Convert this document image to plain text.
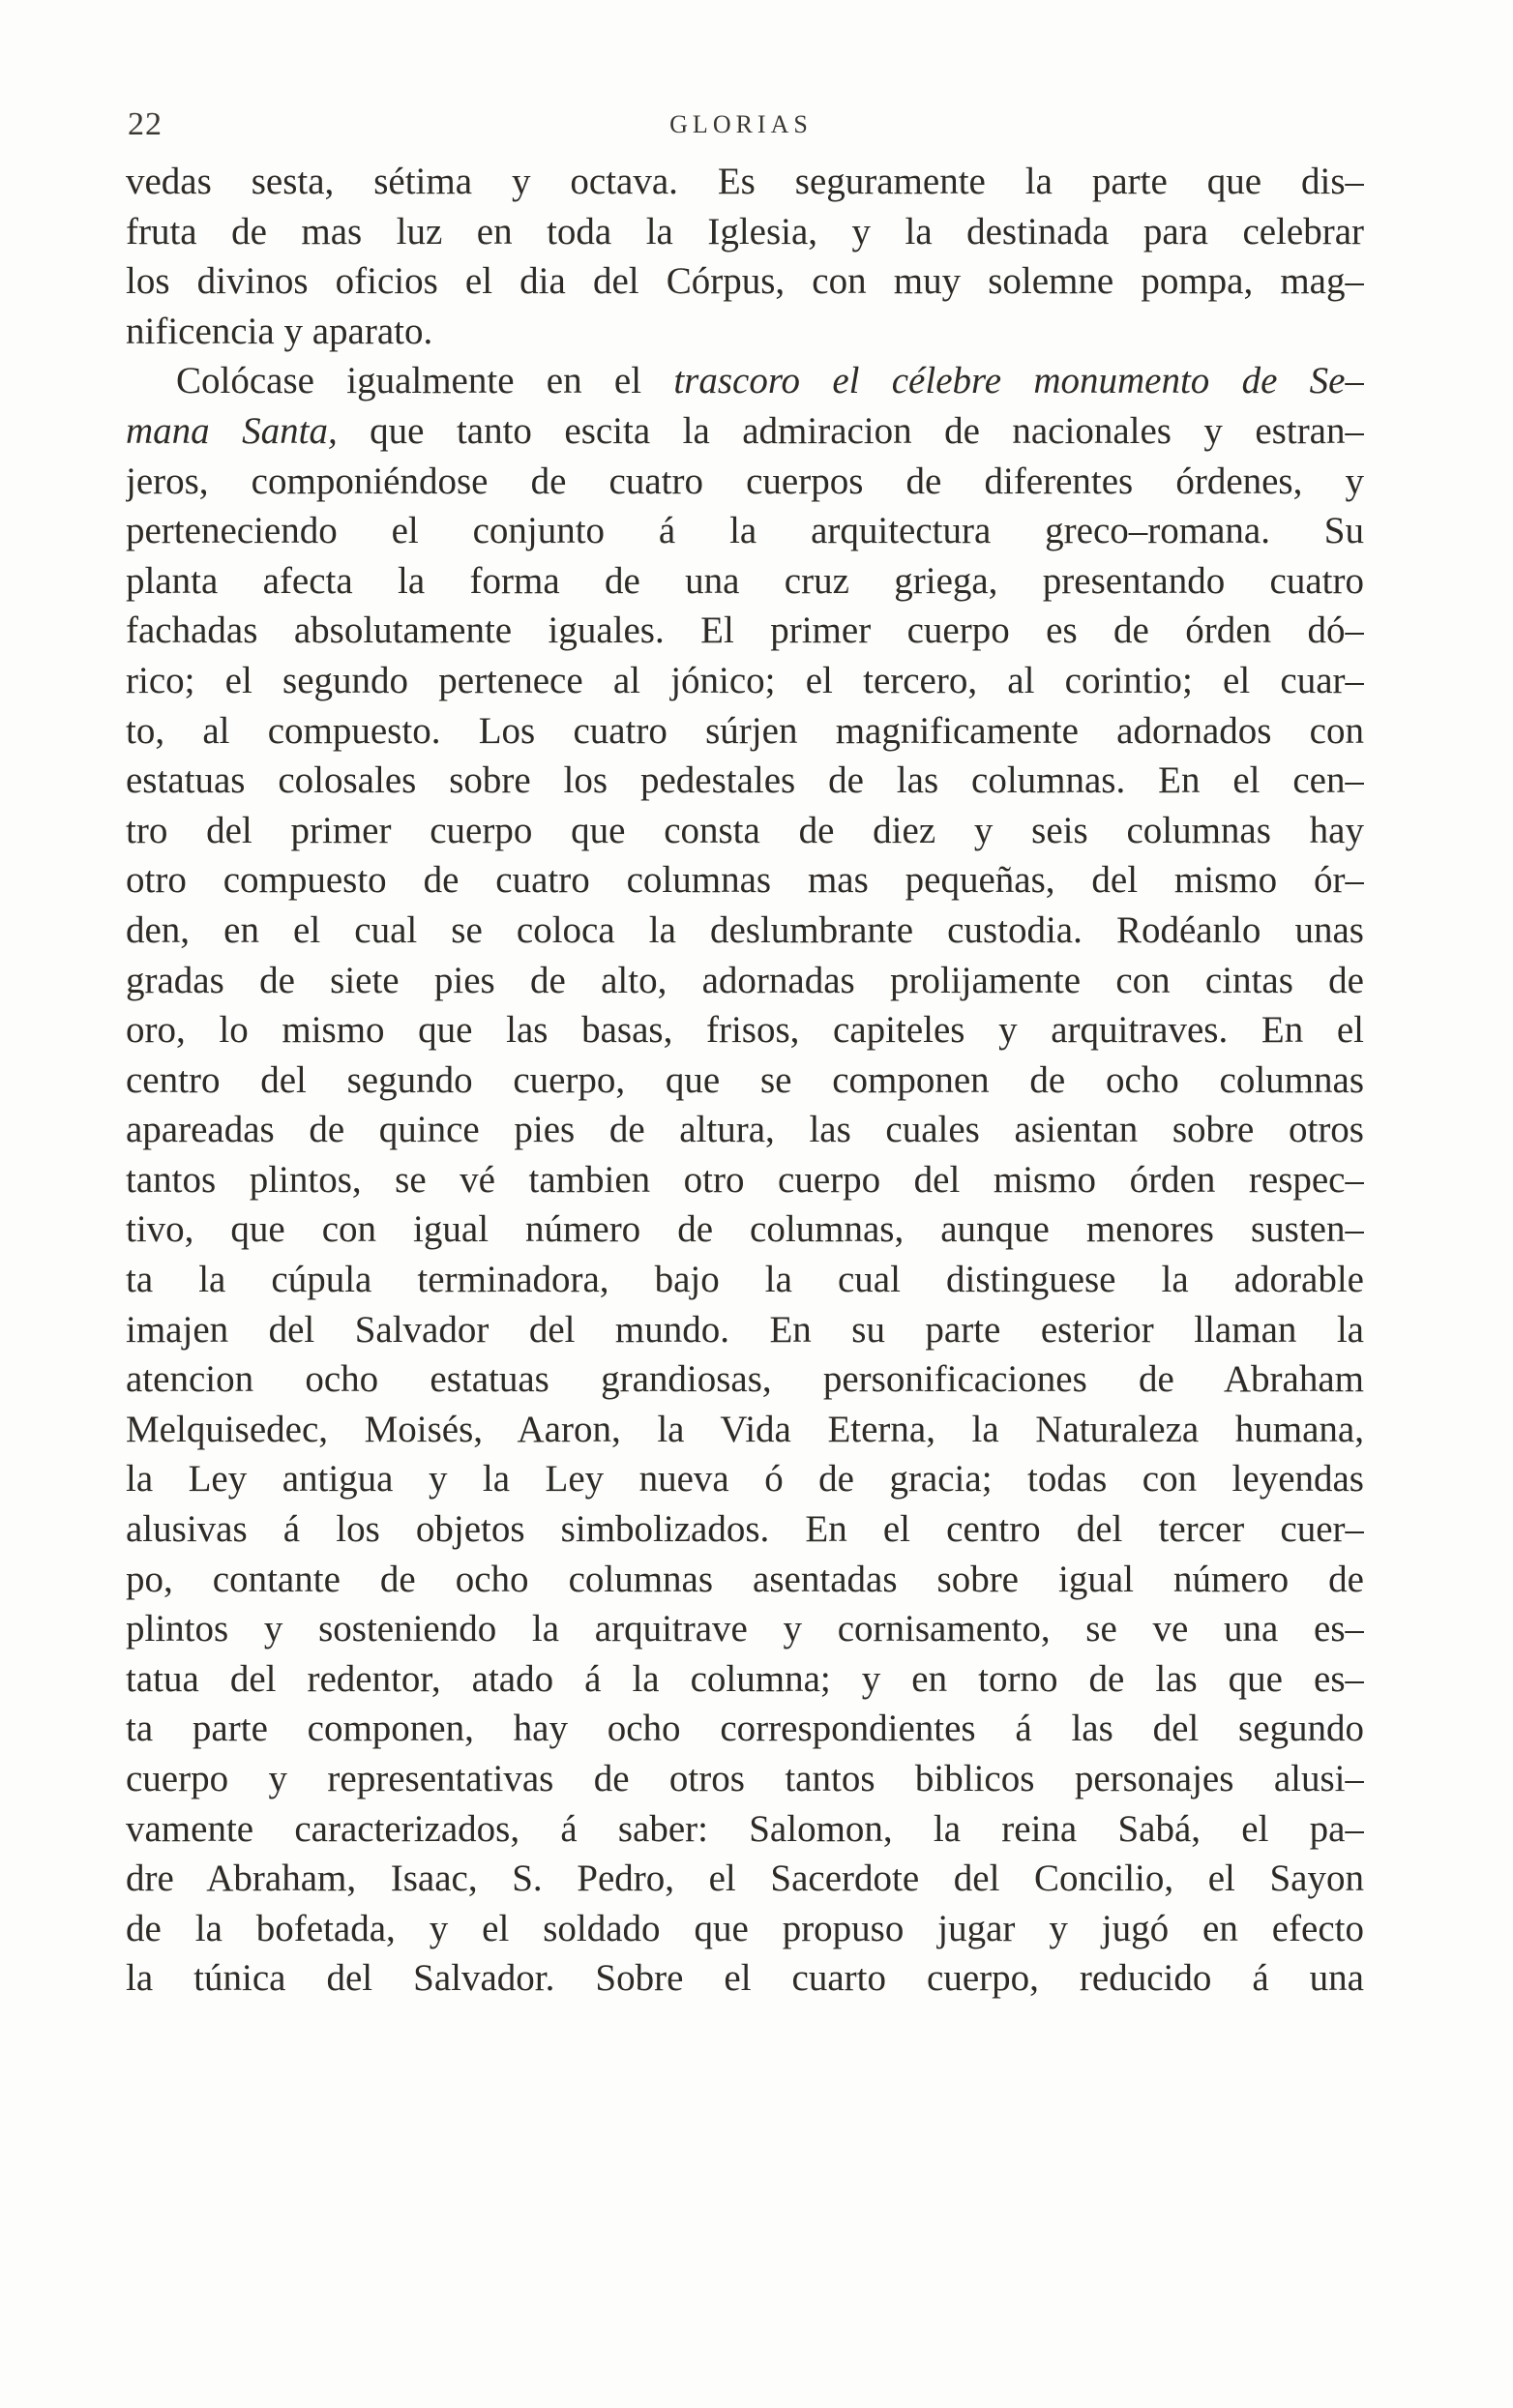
22	GLORIAS
vedas sesta, sétima y octava. Es seguramente la parte que dis–
fruta de mas luz en toda la Iglesia, y la destinada para celebrar
los divinos oficios el dia del Córpus, con muy solemne pompa, mag–
nificencia y aparato.
Colócase igualmente en el trascoro el célebre monumento de Se–
mana Santa, que tanto escita la admiracion de nacionales y estran–
jeros, componiéndose de cuatro cuerpos de diferentes órdenes, y
perteneciendo el conjunto á la arquitectura greco–romana. Su
planta afecta la forma de una cruz griega, presentando cuatro
fachadas absolutamente iguales. El primer cuerpo es de órden dó–
rico; el segundo pertenece al jónico; el tercero, al corintio; el cuar–
to, al compuesto. Los cuatro súrjen magnificamente adornados con
estatuas colosales sobre los pedestales de las columnas. En el cen–
tro del primer cuerpo que consta de diez y seis columnas hay
otro compuesto de cuatro columnas mas pequeñas, del mismo ór–
den, en el cual se coloca la deslumbrante custodia. Rodéanlo unas
gradas de siete pies de alto, adornadas prolijamente con cintas de
oro, lo mismo que las basas, frisos, capiteles y arquitraves. En el
centro del segundo cuerpo, que se componen de ocho columnas
apareadas de quince pies de altura, las cuales asientan sobre otros
tantos plintos, se vé tambien otro cuerpo del mismo órden respec–
tivo, que con igual número de columnas, aunque menores susten–
ta la cúpula terminadora, bajo la cual distinguese la adorable
imajen del Salvador del mundo. En su parte esterior llaman la
atencion ocho estatuas grandiosas, personificaciones de Abraham
Melquisedec, Moisés, Aaron, la Vida Eterna, la Naturaleza humana,
la Ley antigua y la Ley nueva ó de gracia; todas con leyendas
alusivas á los objetos simbolizados. En el centro del tercer cuer–
po, contante de ocho columnas asentadas sobre igual número de
plintos y sosteniendo la arquitrave y cornisamento, se ve una es–
tatua del redentor, atado á la columna; y en torno de las que es–
ta parte componen, hay ocho correspondientes á las del segundo
cuerpo y representativas de otros tantos biblicos personajes alusi–
vamente caracterizados, á saber: Salomon, la reina Sabá, el pa–
dre Abraham, Isaac, S. Pedro, el Sacerdote del Concilio, el Sayon
de la bofetada, y el soldado que propuso jugar y jugó en efecto
la túnica del Salvador. Sobre el cuarto cuerpo, reducido á una
